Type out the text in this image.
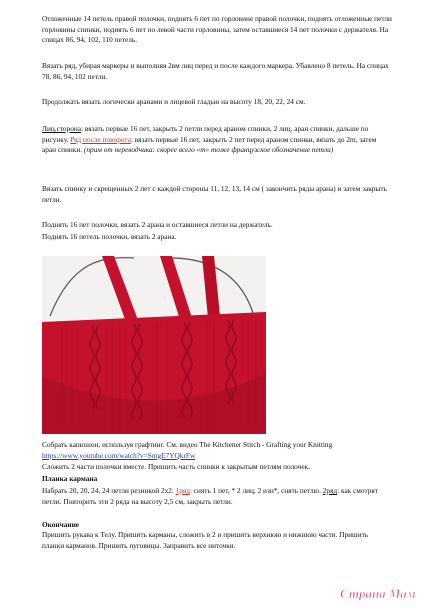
Отложенные 14 петель правой полочки, поднять 6 пет по горловине правой полочки, поднять отложенные петли горловины спинки, поднять 6 пет по левой части горловины, затем оставшиеся 14 пет полочки с держателя. На спицах 86, 94, 102, 110 петель.
Вязать ряд, убирая маркеры и выполняя 2вм лиц перед и после каждого маркера. Убавлено 8 петель. На спицах 78, 86, 94, 102 петли.
Продолжать вязать логически аранами и лицевой гладью на высоту 18, 20, 22, 24 см.
Лиц.сторона: вязать первые 16 пет, закрыть 2 петли перед араном спинки, 2 лиц, аран спинки, дальше по рисунку. Ряд после поворота: вязать первые 16 пет, закрыть 2 пет перед араном спинки, вязать до 2m, затем аран спинки. (прим от переводчика: скорее всего «m» тоже французское обозначение петли)
Вязать спинку и скрещенных 2 пет с каждой стороны 11, 12, 13, 14 см ( закончить ряды арана) и затем закрыть петли.
Поднять 16 пет полочки, вязать 2 арана и оставшиеся петли на держатель.
Поднять 16 петель полочки, вязать 2 арана.
Собрать капюшон, используя графтинг. См. видео The Kitchener Stitch - Grafting your Knitting https://www.youtube.com/watch?v=SmgE7YQkrFw
Сложить 2 части полочки вместе. Пришить часть спинки к закрытым петлям полочек.
Планка кармана
Набрать 20, 20, 24, 24 петли резинкой 2х2. 1ряд: снять 1 пет, * 2 лиц, 2 изн*, снять петлю. 2ряд: как смотрят петли. Повторить эти 2 ряда на высоту 2,5 см, закрыть петли.
Окончание
Пришить рукава к Телу. Пришить карманы, сложить в 2 и пришить верхнюю и нижнюю части. Пришить планки карманов. Пришить пуговицы. Заправить все ниточки.
Страна Мам
